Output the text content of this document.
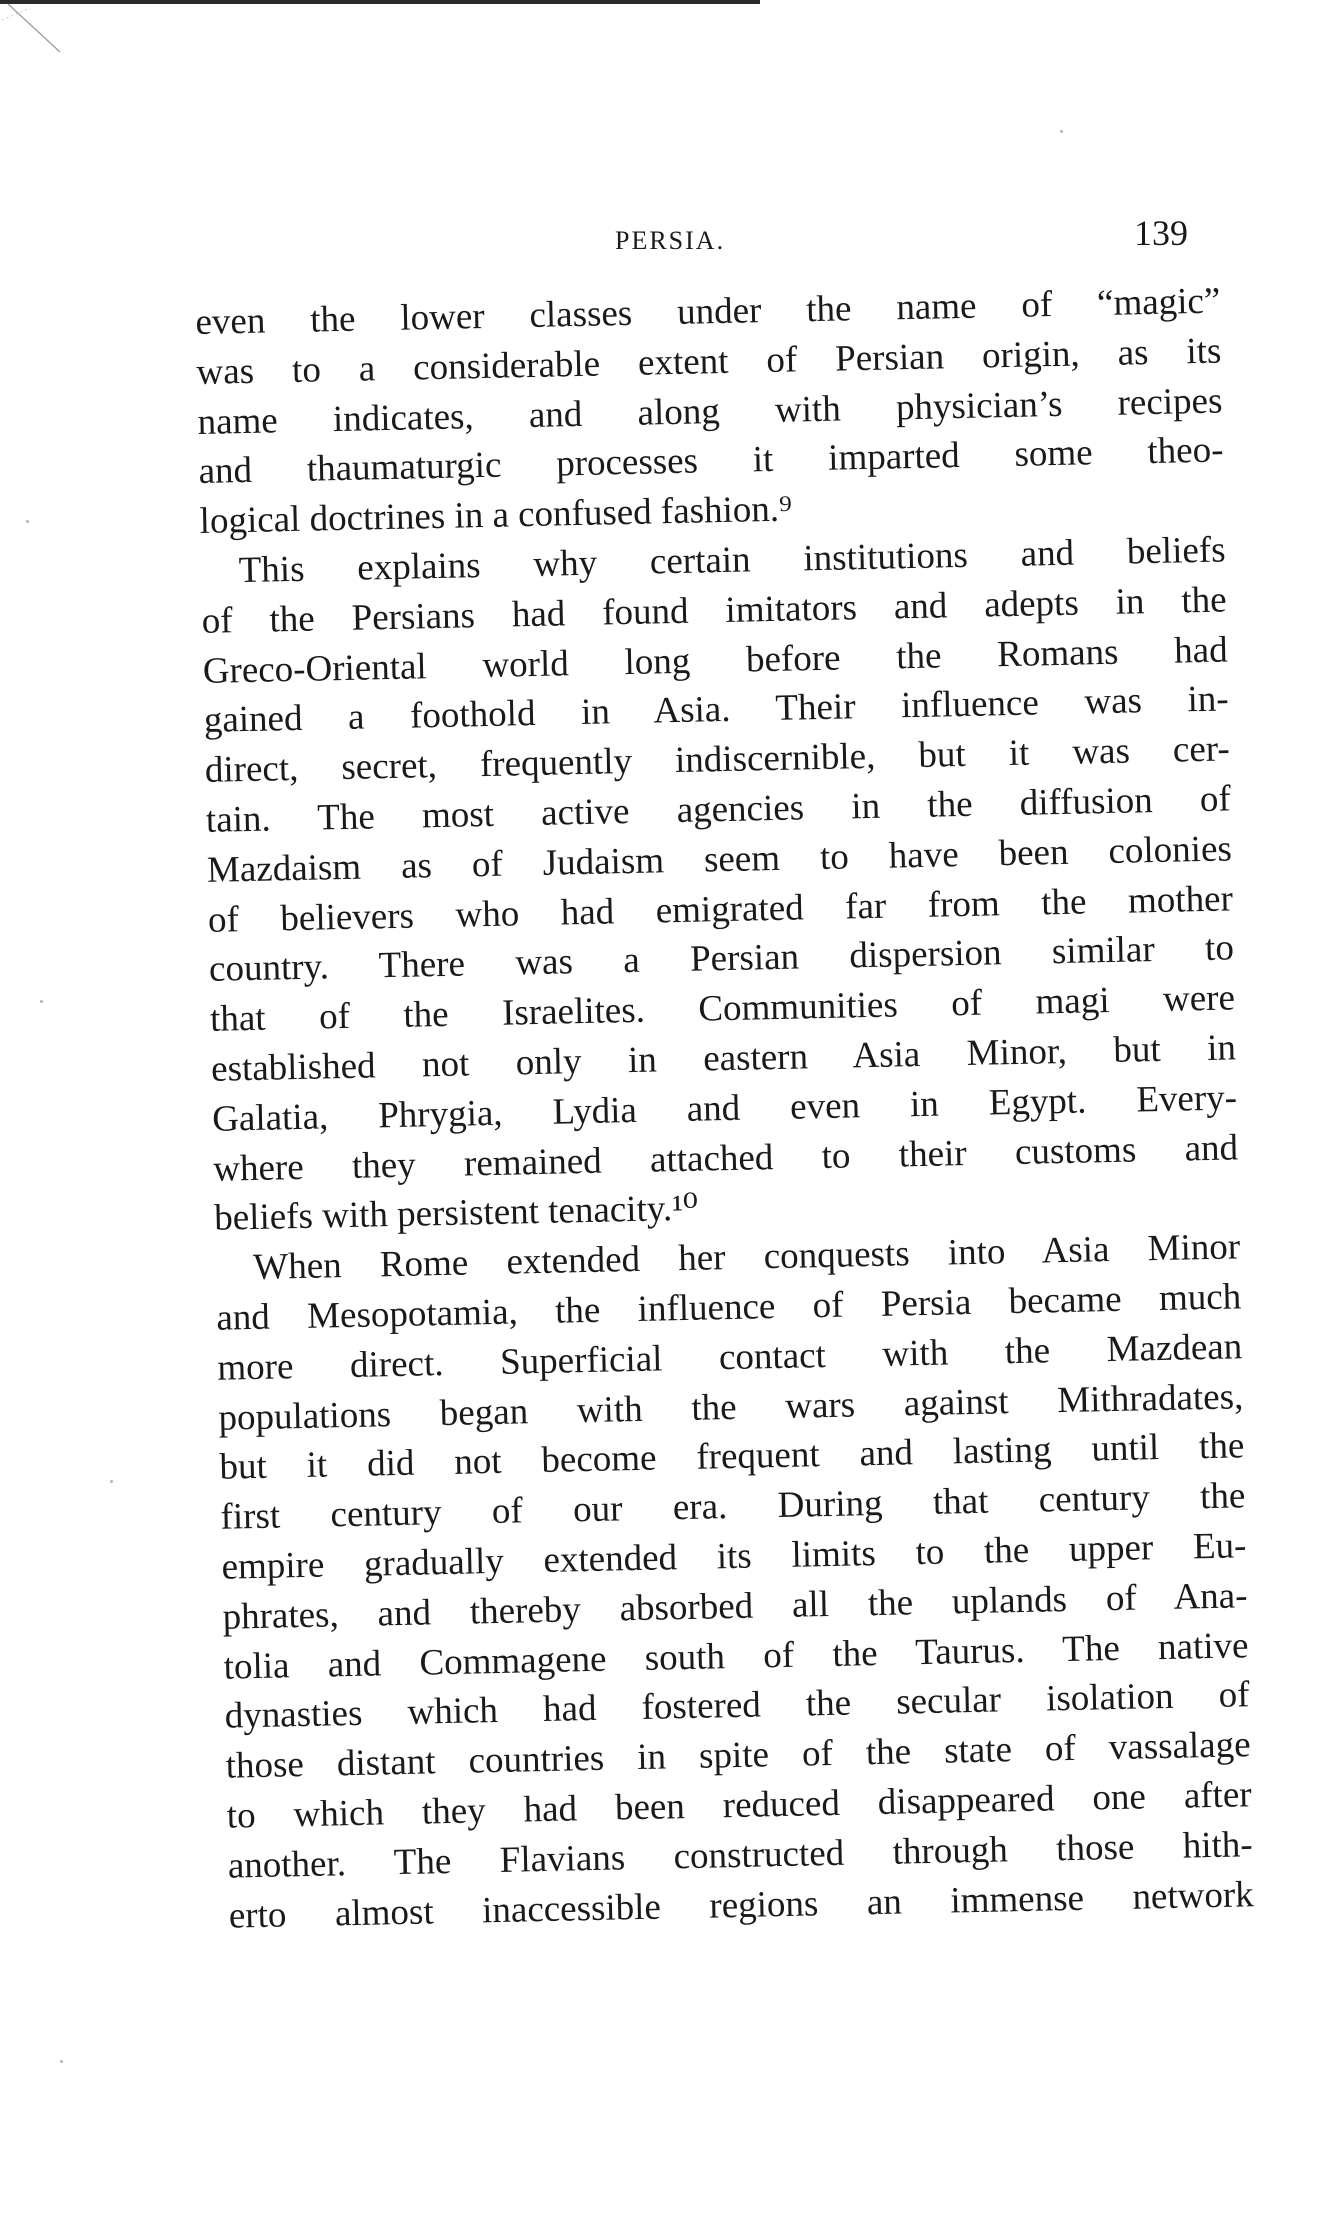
PERSIA.	139
even the lower classes under the name of “magic”
was to a considerable extent of Persian origin, as its
name indicates, and along with physician’s recipes
and thaumaturgic processes it imparted some theo-
logical doctrines in a confused fashion.⁹
This explains why certain institutions and beliefs
of the Persians had found imitators and adepts in the
Greco-Oriental world long before the Romans had
gained a foothold in Asia. Their influence was in-
direct, secret, frequently indiscernible, but it was cer-
tain. The most active agencies in the diffusion of
Mazdaism as of Judaism seem to have been colonies
of believers who had emigrated far from the mother
country. There was a Persian dispersion similar to
that of the Israelites. Communities of magi were
established not only in eastern Asia Minor, but in
Galatia, Phrygia, Lydia and even in Egypt. Every-
where they remained attached to their customs and
beliefs with persistent tenacity.¹⁰
When Rome extended her conquests into Asia Minor
and Mesopotamia, the influence of Persia became much
more direct. Superficial contact with the Mazdean
populations began with the wars against Mithradates,
but it did not become frequent and lasting until the
first century of our era. During that century the
empire gradually extended its limits to the upper Eu-
phrates, and thereby absorbed all the uplands of Ana-
tolia and Commagene south of the Taurus. The native
dynasties which had fostered the secular isolation of
those distant countries in spite of the state of vassalage
to which they had been reduced disappeared one after
another. The Flavians constructed through those hith-
erto almost inaccessible regions an immense network
